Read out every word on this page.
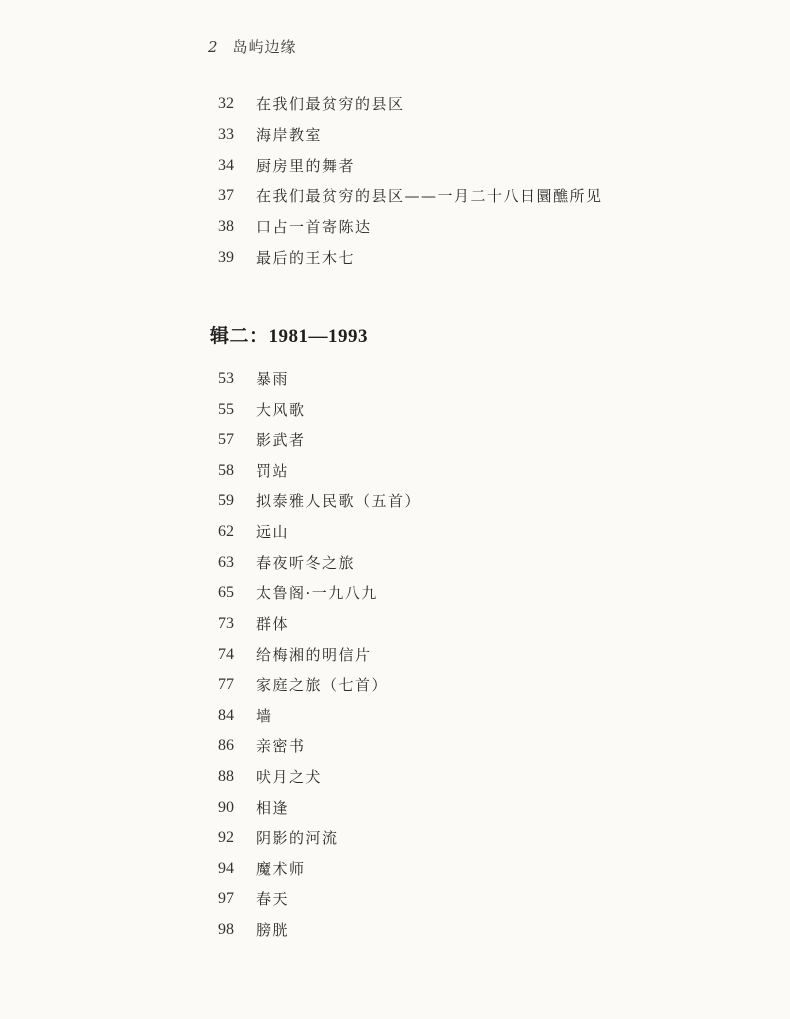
2 岛屿边缘
32	在我们最贫穷的县区
33	海岸教室
34	厨房里的舞者
37	在我们最贫穷的县区——一月二十八日圜醮所见
38	口占一首寄陈达
39	最后的王木七
辑二：1981—1993
53	暴雨
55	大风歌
57	影武者
58	罚站
59	拟泰雅人民歌（五首）
62	远山
63	春夜听冬之旅
65	太鲁阁·一九八九
73	群体
74	给梅湘的明信片
77	家庭之旅（七首）
84	墙
86	亲密书
88	吠月之犬
90	相逢
92	阴影的河流
94	魔术师
97	春天
98	膀胱
